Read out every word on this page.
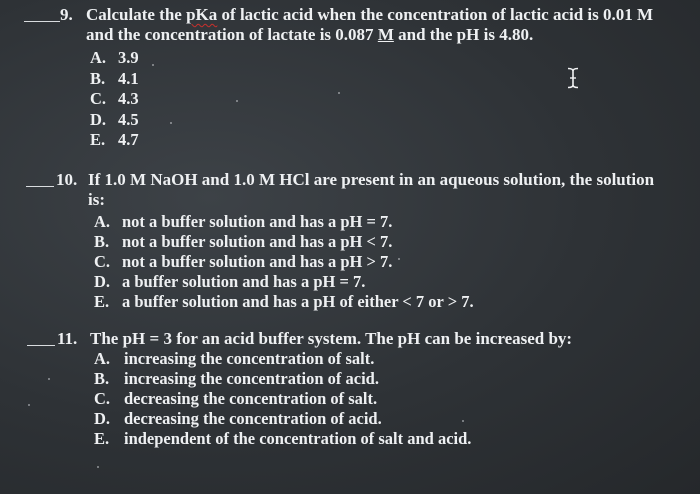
9. Calculate the pKa of lactic acid when the concentration of lactic acid is 0.01 M
and the concentration of lactate is 0.087 M and the pH is 4.80.
A. 3.9
B. 4.1
C. 4.3
D. 4.5
E. 4.7
10. If 1.0 M NaOH and 1.0 M HCl are present in an aqueous solution, the solution
is:
A. not a buffer solution and has a pH = 7.
B. not a buffer solution and has a pH < 7.
C. not a buffer solution and has a pH > 7.
D. a buffer solution and has a pH = 7.
E. a buffer solution and has a pH of either < 7 or > 7.
11. The pH = 3 for an acid buffer system. The pH can be increased by:
A. increasing the concentration of salt.
B. increasing the concentration of acid.
C. decreasing the concentration of salt.
D. decreasing the concentration of acid.
E. independent of the concentration of salt and acid.
